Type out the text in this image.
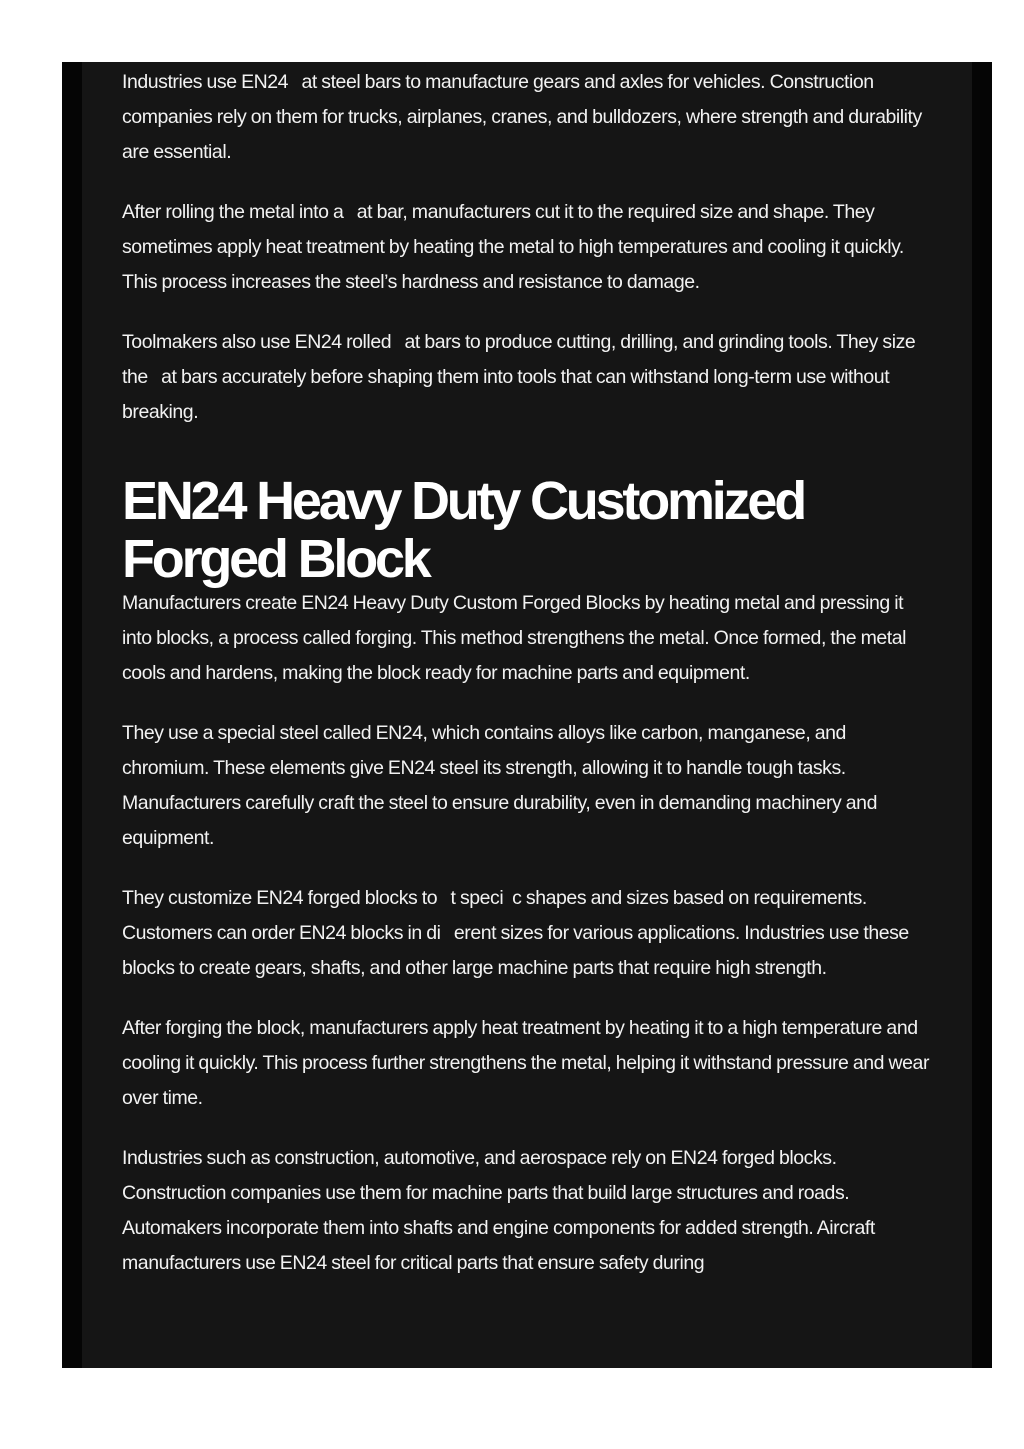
Industries use EN24   at steel bars to manufacture gears and axles for vehicles. Construction companies rely on them for trucks, airplanes, cranes, and bulldozers, where strength and durability are essential.

After rolling the metal into a   at bar, manufacturers cut it to the required size and shape. They sometimes apply heat treatment by heating the metal to high temperatures and cooling it quickly. This process increases the steel’s hardness and resistance to damage.

Toolmakers also use EN24 rolled   at bars to produce cutting, drilling, and grinding tools. They size the   at bars accurately before shaping them into tools that can withstand long-term use without breaking.

EN24 Heavy Duty Customized Forged Block

Manufacturers create EN24 Heavy Duty Custom Forged Blocks by heating metal and pressing it into blocks, a process called forging. This method strengthens the metal. Once formed, the metal cools and hardens, making the block ready for machine parts and equipment.

They use a special steel called EN24, which contains alloys like carbon, manganese, and chromium. These elements give EN24 steel its strength, allowing it to handle tough tasks. Manufacturers carefully craft the steel to ensure durability, even in demanding machinery and equipment.

They customize EN24 forged blocks to   t speci  c shapes and sizes based on requirements. Customers can order EN24 blocks in di   erent sizes for various applications. Industries use these blocks to create gears, shafts, and other large machine parts that require high strength.

After forging the block, manufacturers apply heat treatment by heating it to a high temperature and cooling it quickly. This process further strengthens the metal, helping it withstand pressure and wear over time.

Industries such as construction, automotive, and aerospace rely on EN24 forged blocks. Construction companies use them for machine parts that build large structures and roads. Automakers incorporate them into shafts and engine components for added strength. Aircraft manufacturers use EN24 steel for critical parts that ensure safety during
